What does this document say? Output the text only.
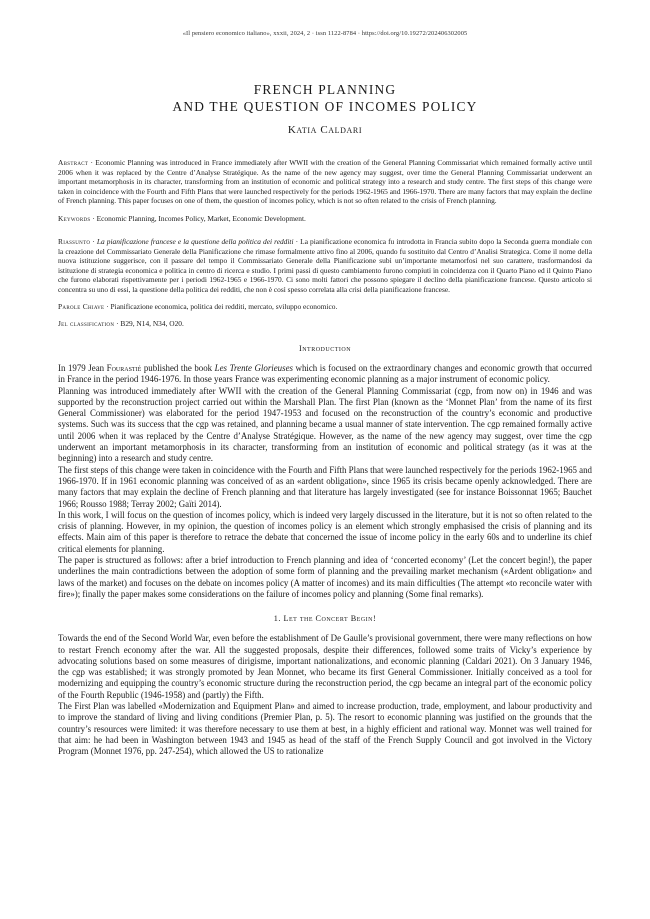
«Il pensiero economico italiano», xxxii, 2024, 2 · issn 1122-8784 · https://doi.org/10.19272/202406302005
FRENCH PLANNING
AND THE QUESTION OF INCOMES POLICY
Katia Caldari

Abstract · Economic Planning was introduced in France immediately after WWII with the creation of the General Planning Commissariat which remained formally active until 2006 when it was replaced by the Centre d’Analyse Stratégique. As the name of the new agency may suggest, over time the General Planning Commissariat underwent an important metamorphosis in its character, transforming from an institution of economic and political strategy into a research and study centre. The first steps of this change were taken in coincidence with the Fourth and Fifth Plans that were launched respectively for the periods 1962-1965 and 1966-1970. There are many factors that may explain the decline of French planning. This paper focuses on one of them, the question of incomes policy, which is not so often related to the crisis of French planning.

Keywords · Economic Planning, Incomes Policy, Market, Economic Development.

Riassunto · La pianificazione francese e la questione della politica dei redditi · La pianificazione economica fu introdotta in Francia subito dopo la Seconda guerra mondiale con la creazione del Commissariato Generale della Pianificazione che rimase formalmente attivo fino al 2006, quando fu sostituito dal Centro d’Analisi Strategica. Come il nome della nuova istituzione suggerisce, con il passare del tempo il Commissariato Generale della Pianificazione subì un’importante metamorfosi nel suo carattere, trasformandosi da istituzione di strategia economica e politica in centro di ricerca e studio. I primi passi di questo cambiamento furono compiuti in coincidenza con il Quarto Piano ed il Quinto Piano che furono elaborati rispettivamente per i periodi 1962-1965 e 1966-1970. Ci sono molti fattori che possono spiegare il declino della pianificazione francese. Questo articolo si concentra su uno di essi, la questione della politica dei redditi, che non è così spesso correlata alla crisi della pianificazione francese.

Parole Chiave · Pianificazione economica, politica dei redditi, mercato, sviluppo economico.

Jel classification · B29, N14, N34, O20.

Introduction

In 1979 Jean Fourastié published the book Les Trente Glorieuses which is focused on the extraordinary changes and economic growth that occurred in France in the period 1946-1976. In those years France was experimenting economic planning as a major instrument of economic policy.

Planning was introduced immediately after WWII with the creation of the General Planning Commissariat (cgp, from now on) in 1946 and was supported by the reconstruction project carried out within the Marshall Plan. The first Plan (known as the ‘Monnet Plan’ from the name of its first General Commissioner) was elaborated for the period 1947-1953 and focused on the reconstruction of the country’s economic and productive systems. Such was its success that the cgp was retained, and planning became a usual manner of state intervention. The cgp remained formally active until 2006 when it was replaced by the Centre d’Analyse Stratégique. However, as the name of the new agency may suggest, over time the cgp underwent an important metamorphosis in its character, transforming from an institution of economic and political strategy (as it was at the beginning) into a research and study centre.

The first steps of this change were taken in coincidence with the Fourth and Fifth Plans that were launched respectively for the periods 1962-1965 and 1966-1970. If in 1961 economic planning was conceived of as an «ardent obligation», since 1965 its crisis became openly acknowledged. There are many factors that may explain the decline of French planning and that literature has largely investigated (see for instance Boissonnat 1965; Bauchet 1966; Rousso 1988; Terray 2002; Gaïti 2014).

In this work, I will focus on the question of incomes policy, which is indeed very largely discussed in the literature, but it is not so often related to the crisis of planning. However, in my opinion, the question of incomes policy is an element which strongly emphasised the crisis of planning and its effects. Main aim of this paper is therefore to retrace the debate that concerned the issue of income policy in the early 60s and to underline its chief critical elements for planning.

The paper is structured as follows: after a brief introduction to French planning and idea of ‘concerted economy’ (Let the concert begin!), the paper underlines the main contradictions between the adoption of some form of planning and the prevailing market mechanism («Ardent obligation» and laws of the market) and focuses on the debate on incomes policy (A matter of incomes) and its main difficulties (The attempt «to reconcile water with fire»); finally the paper makes some considerations on the failure of incomes policy and planning (Some final remarks).

1. Let the Concert Begin!

Towards the end of the Second World War, even before the establishment of De Gaulle’s provisional government, there were many reflections on how to restart French economy after the war. All the suggested proposals, despite their differences, followed some traits of Vicky’s experience by advocating solutions based on some measures of dirigisme, important nationalizations, and economic planning (Caldari 2021). On 3 January 1946, the cgp was established; it was strongly promoted by Jean Monnet, who became its first General Commissioner. Initially conceived as a tool for modernizing and equipping the country’s economic structure during the reconstruction period, the cgp became an integral part of the economic policy of the Fourth Republic (1946-1958) and (partly) the Fifth.

The First Plan was labelled «Modernization and Equipment Plan» and aimed to increase production, trade, employment, and labour productivity and to improve the standard of living and living conditions (Premier Plan, p. 5). The resort to economic planning was justified on the grounds that the country’s resources were limited: it was therefore necessary to use them at best, in a highly efficient and rational way. Monnet was well trained for that aim: he had been in Washington between 1943 and 1945 as head of the staff of the French Supply Council and got involved in the Victory Program (Monnet 1976, pp. 247-254), which allowed the US to rationalize
